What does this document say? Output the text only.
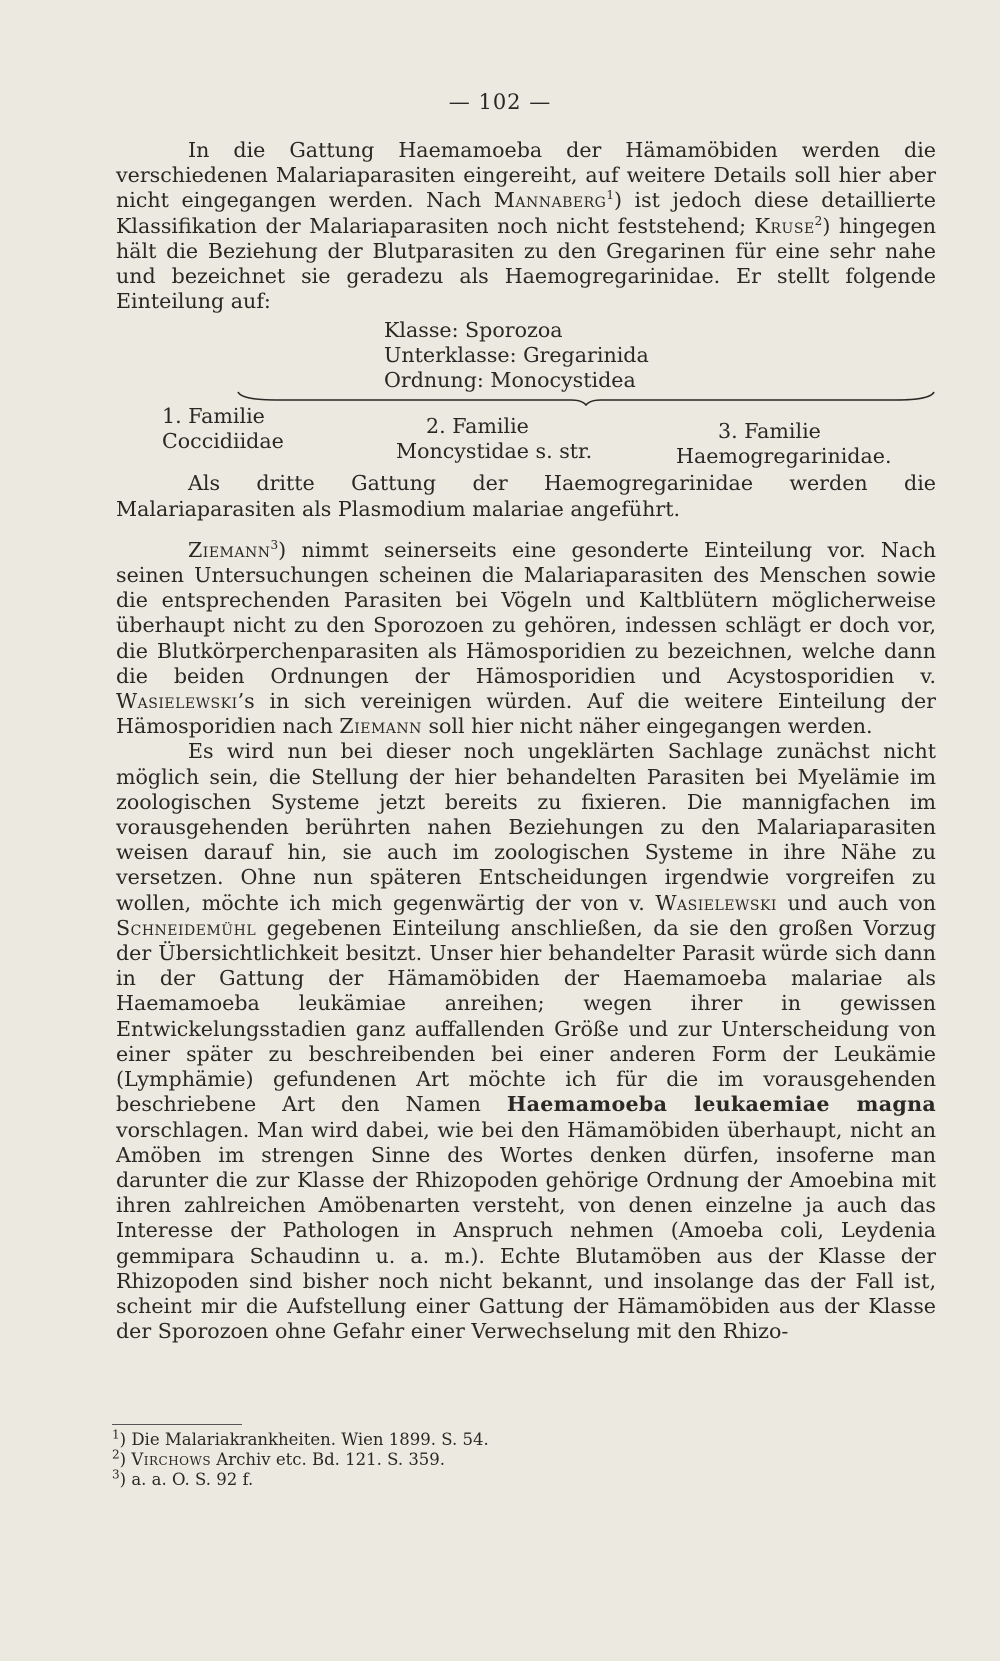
— 102 —

In die Gattung Haemamoeba der Hämamöbiden werden die verschiedenen Malariaparasiten eingereiht, auf weitere Details soll hier aber nicht eingegangen werden. Nach Mannaberg$^1$) ist jedoch diese detaillierte Klassifikation der Malariaparasiten noch nicht feststehend; Kruse$^2$) hingegen hält die Beziehung der Blutparasiten zu den Gregarinen für eine sehr nahe und bezeichnet sie geradezu als Haemogregarinidae. Er stellt folgende Einteilung auf:

Klasse: Sporozoa
Unterklasse: Gregarinida
Ordnung: Monocystidea
1. Familie
Coccidiidae
2. Familie
Moncystidae s. str.
3. Familie
Haemogregarinidae.

Als dritte Gattung der Haemogregarinidae werden die Malariaparasiten als Plasmodium malariae angeführt.

Ziemann$^3$) nimmt seinerseits eine gesonderte Einteilung vor. Nach seinen Untersuchungen scheinen die Malariaparasiten des Menschen sowie die entsprechenden Parasiten bei Vögeln und Kaltblütern möglicherweise überhaupt nicht zu den Sporozoen zu gehören, indessen schlägt er doch vor, die Blutkörperchenparasiten als Hämosporidien zu bezeichnen, welche dann die beiden Ordnungen der Hämosporidien und Acystosporidien v. Wasielewski’s in sich vereinigen würden. Auf die weitere Einteilung der Hämosporidien nach Ziemann soll hier nicht näher eingegangen werden.

Es wird nun bei dieser noch ungeklärten Sachlage zunächst nicht möglich sein, die Stellung der hier behandelten Parasiten bei Myelämie im zoologischen Systeme jetzt bereits zu fixieren. Die mannigfachen im vorausgehenden berührten nahen Beziehungen zu den Malariaparasiten weisen darauf hin, sie auch im zoologischen Systeme in ihre Nähe zu versetzen. Ohne nun späteren Entscheidungen irgendwie vorgreifen zu wollen, möchte ich mich gegenwärtig der von v. Wasielewski und auch von Schneidemühl gegebenen Einteilung anschließen, da sie den großen Vorzug der Übersichtlichkeit besitzt. Unser hier behandelter Parasit würde sich dann in der Gattung der Hämamöbiden der Haemamoeba malariae als Haemamoeba leukämiae anreihen; wegen ihrer in gewissen Entwickelungsstadien ganz auffallenden Größe und zur Unterscheidung von einer später zu beschreibenden bei einer anderen Form der Leukämie (Lymphämie) gefundenen Art möchte ich für die im vorausgehenden beschriebene Art den Namen Haemamoeba leukaemiae magna vorschlagen. Man wird dabei, wie bei den Hämamöbiden überhaupt, nicht an Amöben im strengen Sinne des Wortes denken dürfen, insoferne man darunter die zur Klasse der Rhizopoden gehörige Ordnung der Amoebina mit ihren zahlreichen Amöbenarten versteht, von denen einzelne ja auch das Interesse der Pathologen in Anspruch nehmen (Amoeba coli, Leydenia gemmipara Schaudinn u. a. m.). Echte Blutamöben aus der Klasse der Rhizopoden sind bisher noch nicht bekannt, und insolange das der Fall ist, scheint mir die Aufstellung einer Gattung der Hämamöbiden aus der Klasse der Sporozoen ohne Gefahr einer Verwechselung mit den Rhizo-

$^1$) Die Malariakrankheiten. Wien 1899. S. 54.
$^2$) Virchows Archiv etc. Bd. 121. S. 359.
$^3$) a. a. O. S. 92 f.
